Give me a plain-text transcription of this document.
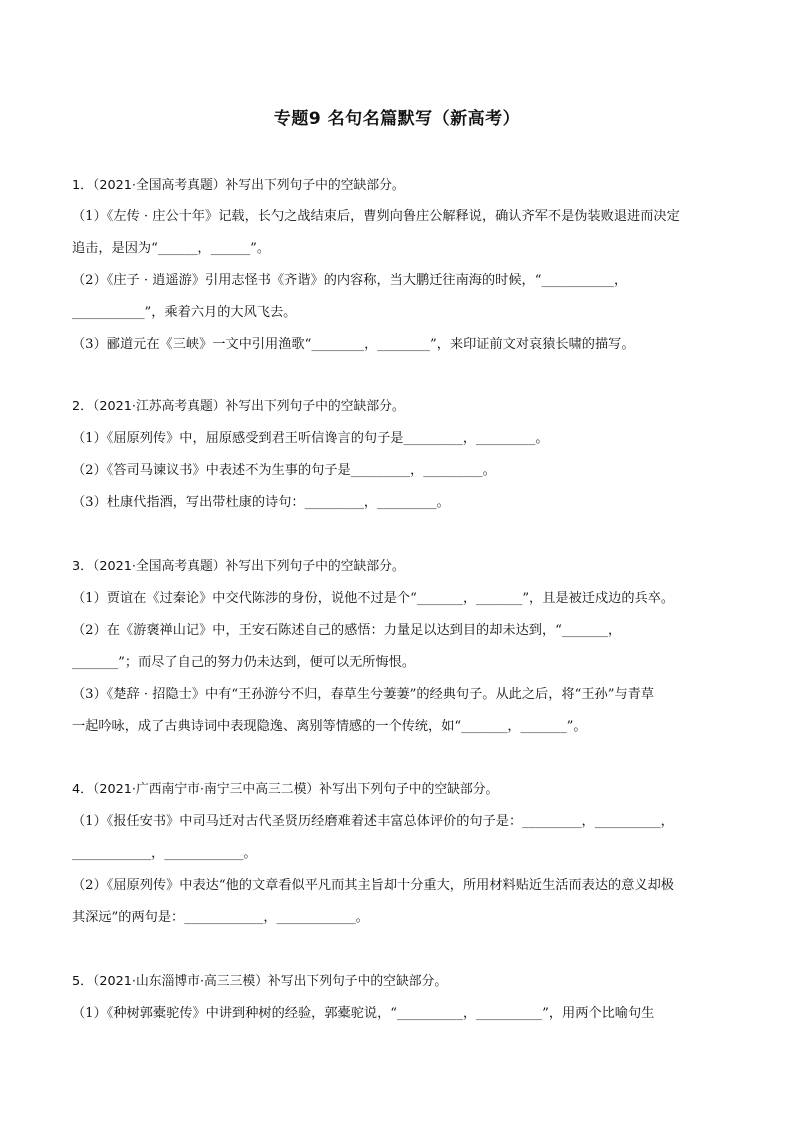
专题9 名句名篇默写（新高考）

1．（2021·全国高考真题）补写出下列句子中的空缺部分。

（1）《左传 · 庄公十年》记载，长勺之战结束后，曹刿向鲁庄公解释说，确认齐军不是伪装败退进而决定

追击，是因为“______，______”。

（2）《庄子 · 逍遥游》引用志怪书《齐谐》的内容称，当大鹏迁往南海的时候，“___________，

___________”，乘着六月的大风飞去。

（3）郦道元在《三峡》一文中引用渔歌“________，________”，来印证前文对哀猿长啸的描写。

2．（2021·江苏高考真题）补写出下列句子中的空缺部分。

（1）《屈原列传》中，屈原感受到君王听信谗言的句子是_________，_________。

（2）《答司马谏议书》中表述不为生事的句子是_________，_________。

（3）杜康代指酒，写出带杜康的诗句：_________，_________。

3．（2021·全国高考真题）补写出下列句子中的空缺部分。

（1）贾谊在《过秦论》中交代陈涉的身份，说他不过是个“_______，_______”，且是被迁戍边的兵卒。

（2）在《游褒禅山记》中，王安石陈述自己的感悟：力量足以达到目的却未达到，“_______，

_______”；而尽了自己的努力仍未达到，便可以无所悔恨。

（3）《楚辞 · 招隐士》中有“王孙游兮不归，春草生兮萋萋”的经典句子。从此之后，将“王孙”与青草

一起吟咏，成了古典诗词中表现隐逸、离别等情感的一个传统，如“_______，_______”。

4．（2021·广西南宁市·南宁三中高三二模）补写出下列句子中的空缺部分。

（1）《报任安书》中司马迁对古代圣贤历经磨难着述丰富总体评价的句子是：_________，__________，

____________，____________。

（2）《屈原列传》中表达“他的文章看似平凡而其主旨却十分重大，所用材料贴近生活而表达的意义却极

其深远”的两句是：____________，____________。

5．（2021·山东淄博市·高三三模）补写出下列句子中的空缺部分。

（1）《种树郭橐驼传》中讲到种树的经验，郭橐驼说，“__________，__________”，用两个比喻句生
